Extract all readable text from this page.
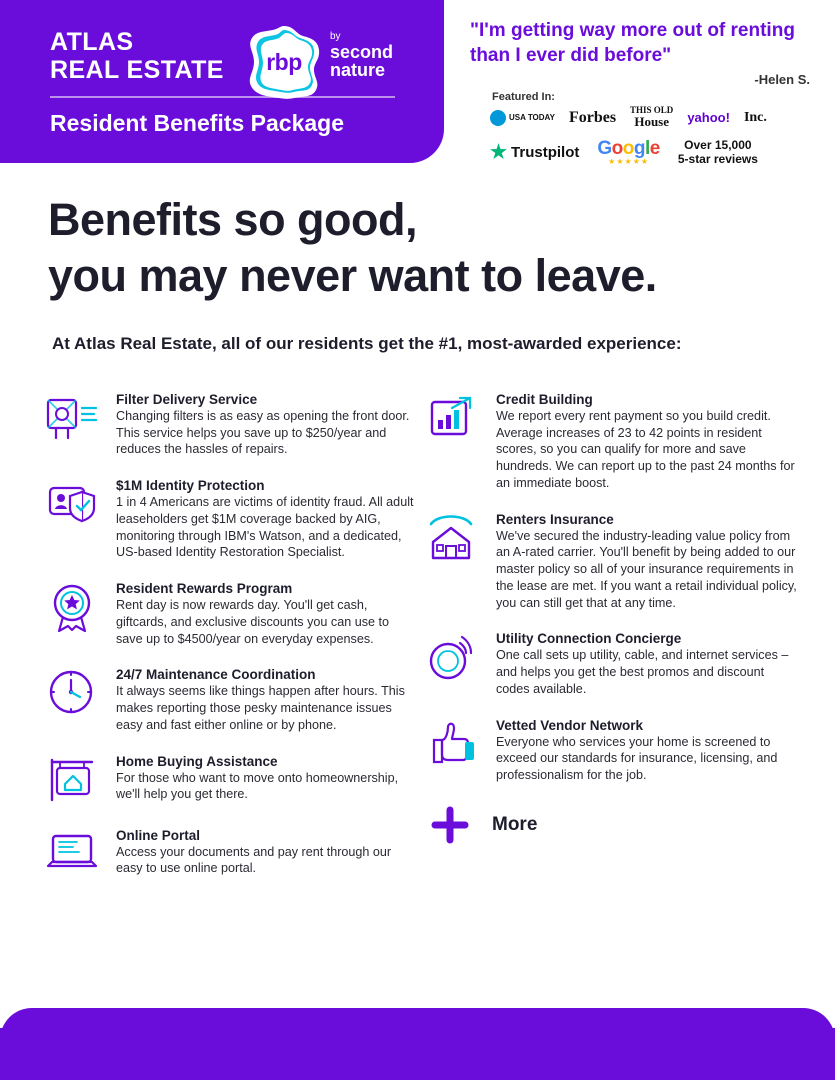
ATLAS
REAL ESTATE
Resident Benefits Package
rbp
by
second
nature
"I'm getting way more out of renting than I ever did before"
-Helen S.
Featured In:
USA TODAY Forbes THIS OLD
House	yahoo! Inc.
★ Trustpilot Google
★★★★★
Over 15,000
5-star reviews
Benefits so good,
you may never want to leave.
At Atlas Real Estate, all of our residents get the #1, most-awarded experience:
Filter Delivery Service
Changing filters is as easy as opening the front door. This service helps you save up to $250/year and reduces the hassles of repairs.
$1M Identity Protection
1 in 4 Americans are victims of identity fraud. All adult leaseholders get $1M coverage backed by AIG, monitoring through IBM's Watson, and a dedicated, US-based Identity Restoration Specialist.
Resident Rewards Program
Rent day is now rewards day. You'll get cash, giftcards, and exclusive discounts you can use to save up to $4500/year on everyday expenses.
24/7 Maintenance Coordination
It always seems like things happen after hours. This makes reporting those pesky maintenance issues easy and fast either online or by phone.
Home Buying Assistance
For those who want to move onto homeownership, we'll help you get there.
Online Portal
Access your documents and pay rent through our easy to use online portal.
Credit Building
We report every rent payment so you build credit. Average increases of 23 to 42 points in resident scores, so you can qualify for more and save hundreds. We can report up to the past 24 months for an immediate boost.
Renters Insurance
We've secured the industry-leading value policy from an A-rated carrier. You'll benefit by being added to our master policy so all of your insurance requirements in the lease are met. If you want a retail individual policy, you can still get that at any time.
Utility Connection Concierge
One call sets up utility, cable, and internet services – and helps you get the best promos and discount codes available.
Vetted Vendor Network
Everyone who services your home is screened to exceed our standards for insurance, licensing, and professionalism for the job.
More
